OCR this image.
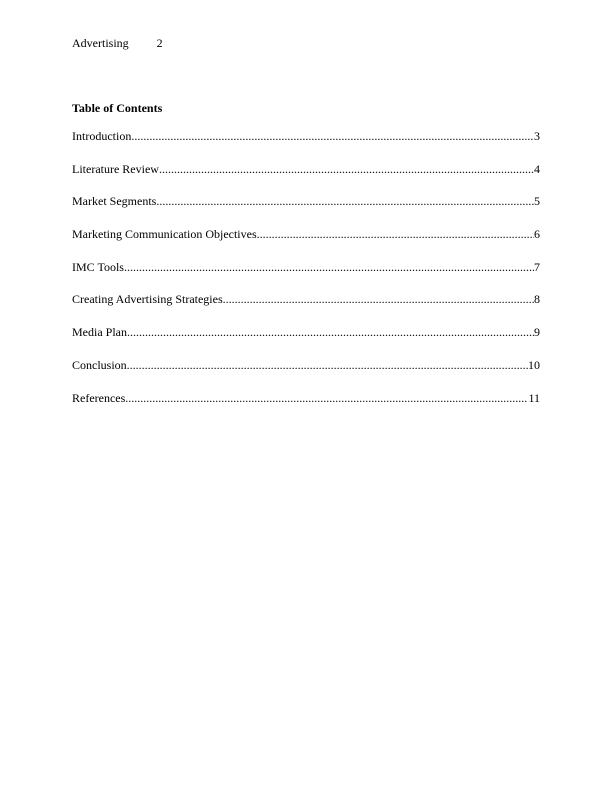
Advertising 2
Table of Contents
Introduction .....	3
Literature Review .....	4
Market Segments .....	5
Marketing Communication Objectives .....	6
IMC Tools .....	7
Creating Advertising Strategies .....	8
Media Plan .....	9
Conclusion .....	10
References .....	11
